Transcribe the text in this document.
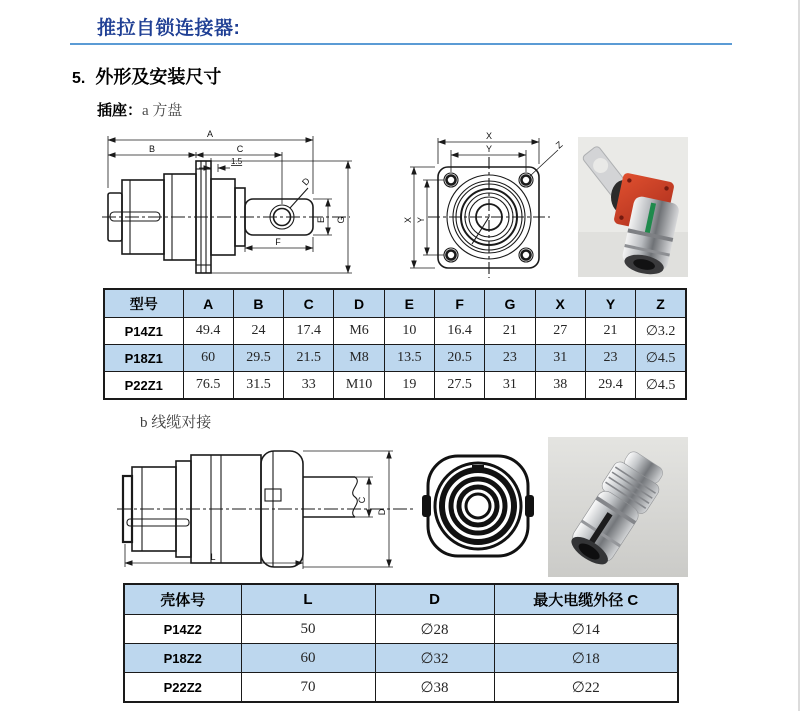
推拉自锁连接器:
5. 外形及安装尺寸
插座：a 方盘
D
A
B	C
1.5
E G
F
X
Y
X Y
Z
型号	A	B	C	D	E	F	G	X	Y	Z
P14Z1	49.4	24	17.4	M6	10	16.4	21	27	21	∅3.2
P18Z1	60	29.5	21.5	M8	13.5	20.5	23	31	23	∅4.5
P22Z1	76.5	31.5	33	M10	19	27.5	31	38	29.4	∅4.5
b 线缆对接
L
C
D
壳体号	L	D	最大电缆外径 C
P14Z2	50	∅28	∅14
P18Z2	60	∅32	∅18
P22Z2	70	∅38	∅22
